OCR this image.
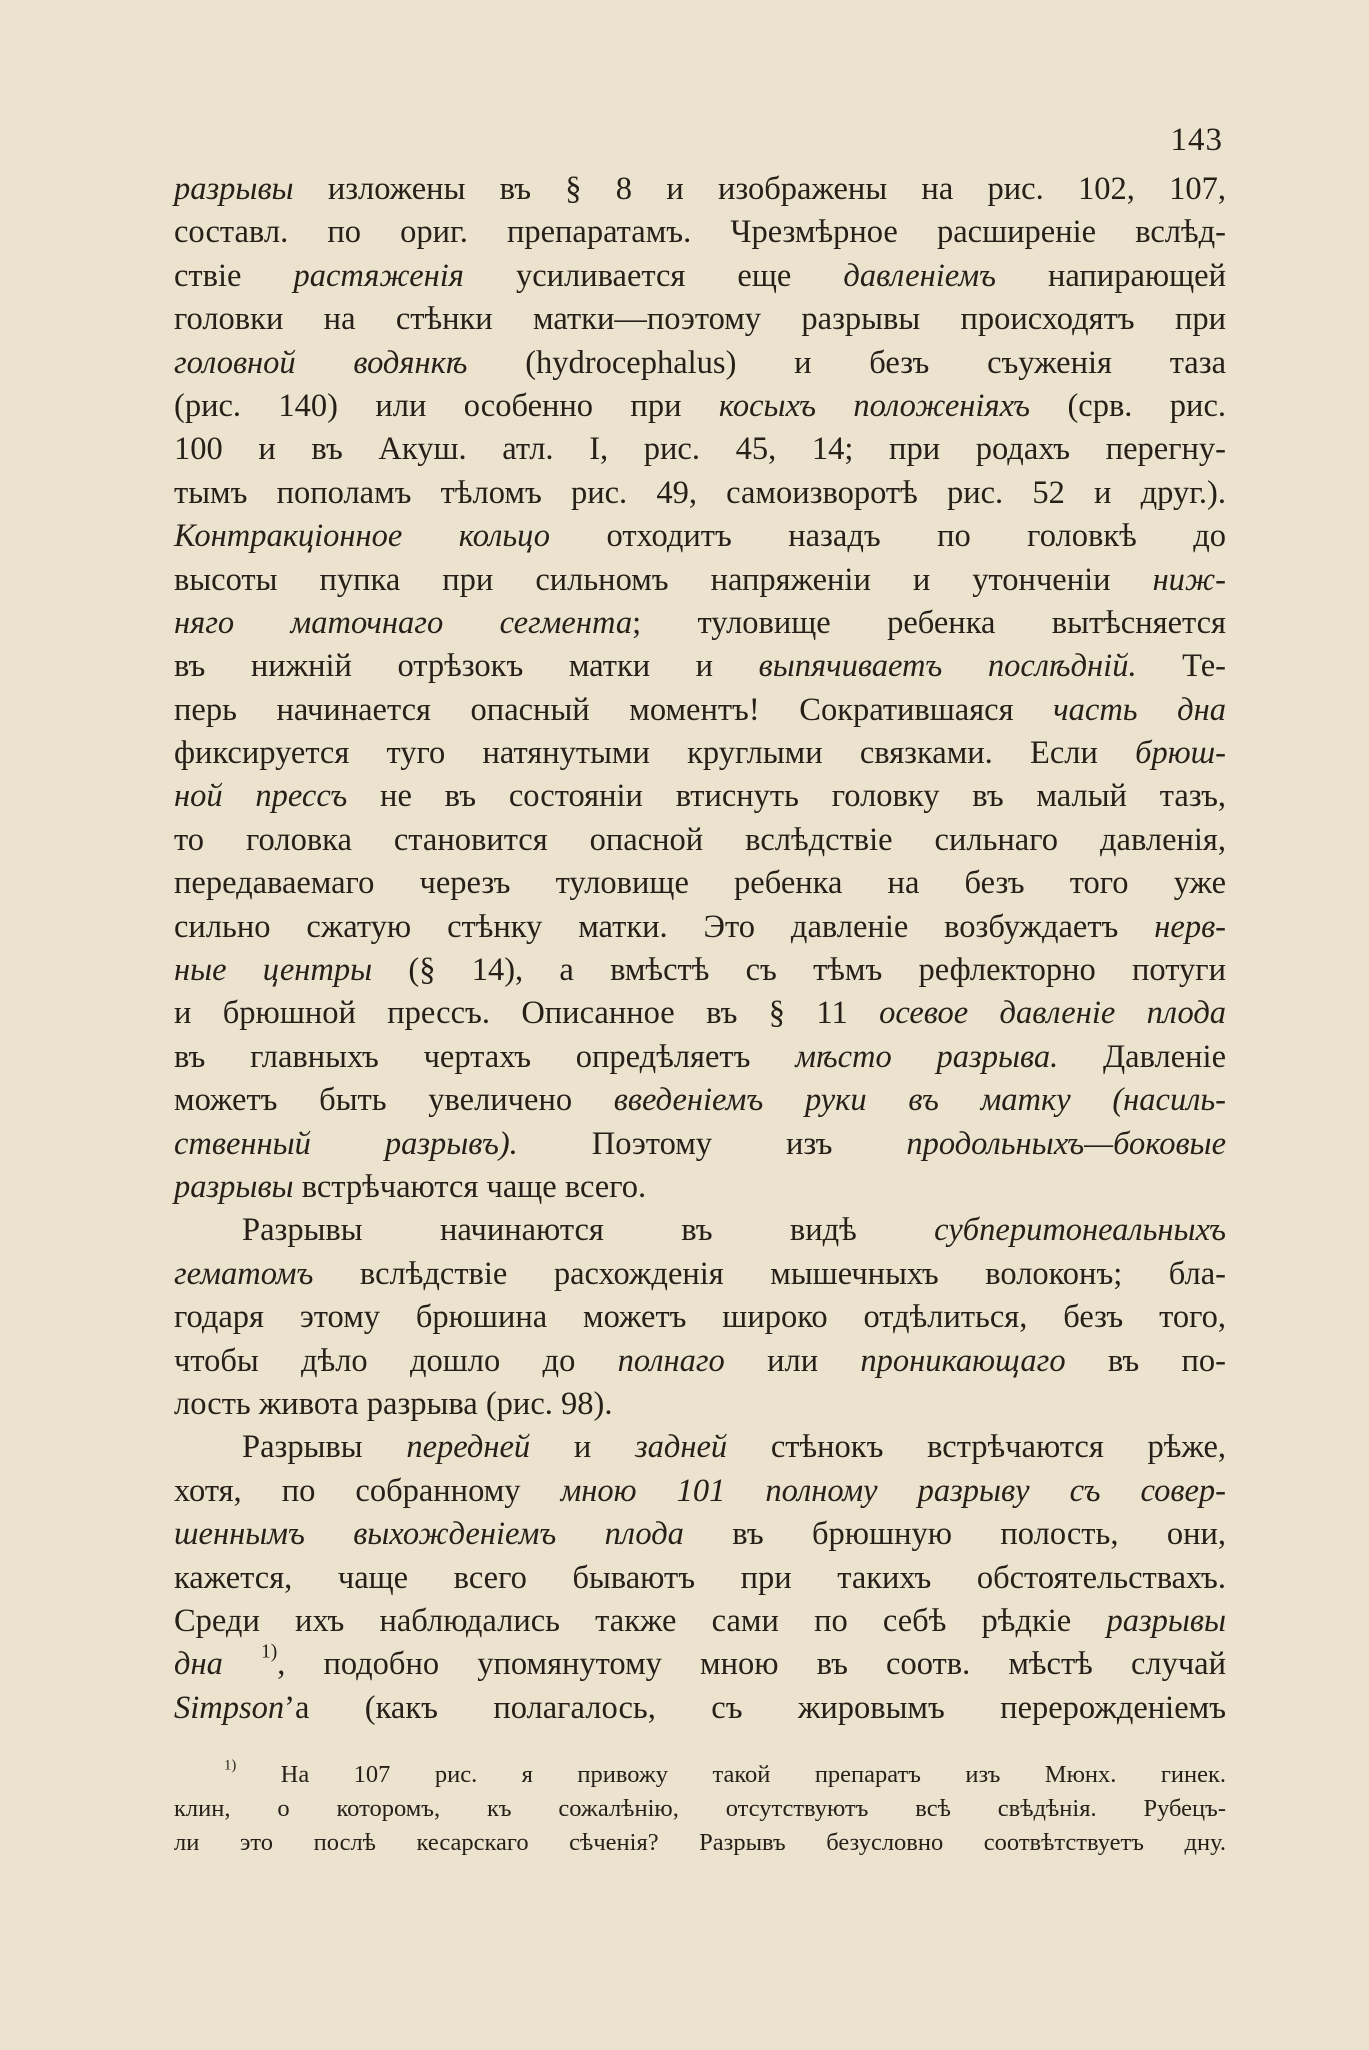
143
разрывы изложены въ § 8 и изображены на рис. 102, 107,
составл. по ориг. препаратамъ. Чрезмѣрное расширеніе вслѣд-
ствіе растяженія усиливается еще давленіемъ напирающей
головки на стѣнки матки—поэтому разрывы происходятъ при
головной водянкѣ (hydrocephalus) и безъ съуженія таза
(рис. 140) или особенно при косыхъ положеніяхъ (срв. рис.
100 и въ Акуш. атл. I, рис. 45, 14; при родахъ перегну-
тымъ пополамъ тѣломъ рис. 49, самоизворотѣ рис. 52 и друг.).
Контракціонное кольцо отходитъ назадъ по головкѣ до
высоты пупка при сильномъ напряженіи и утонченіи ниж-
няго маточнаго сегмента; туловище ребенка вытѣсняется
въ нижній отрѣзокъ матки и выпячиваетъ послѣдній. Те-
перь начинается опасный моментъ! Сократившаяся часть дна
фиксируется туго натянутыми круглыми связками. Если брюш-
ной прессъ не въ состояніи втиснуть головку въ малый тазъ,
то головка становится опасной вслѣдствіе сильнаго давленія,
передаваемаго черезъ туловище ребенка на безъ того уже
сильно сжатую стѣнку матки. Это давленіе возбуждаетъ нерв-
ные центры (§ 14), а вмѣстѣ съ тѣмъ рефлекторно потуги
и брюшной прессъ. Описанное въ § 11 осевое давленіе плода
въ главныхъ чертахъ опредѣляетъ мѣсто разрыва. Давленіе
можетъ быть увеличено введеніемъ руки въ матку (насиль-
ственный разрывъ). Поэтому изъ продольныхъ—боковые
разрывы встрѣчаются чаще всего.
Разрывы начинаются въ видѣ субперитонеальныхъ
гематомъ вслѣдствіе расхожденія мышечныхъ волоконъ; бла-
годаря этому брюшина можетъ широко отдѣлиться, безъ того,
чтобы дѣло дошло до полнаго или проникающаго въ по-
лость живота разрыва (рис. 98).
Разрывы передней и задней стѣнокъ встрѣчаются рѣже,
хотя, по собранному мною 101 полному разрыву съ совер-
шеннымъ выхожденіемъ плода въ брюшную полость, они,
кажется, чаще всего бываютъ при такихъ обстоятельствахъ.
Среди ихъ наблюдались также сами по себѣ рѣдкіе разрывы
дна $^{1)}$, подобно упомянутому мною въ соотв. мѣстѣ случай
Simpson’а (какъ полагалось, съ жировымъ перерожденіемъ
$^{1)}$ На 107 рис. я привожу такой препаратъ изъ Мюнх. гинек.
клин, о которомъ, къ сожалѣнію, отсутствуютъ всѣ свѣдѣнія. Рубецъ-
ли это послѣ кесарскаго сѣченія? Разрывъ безусловно соотвѣтствуетъ дну.
